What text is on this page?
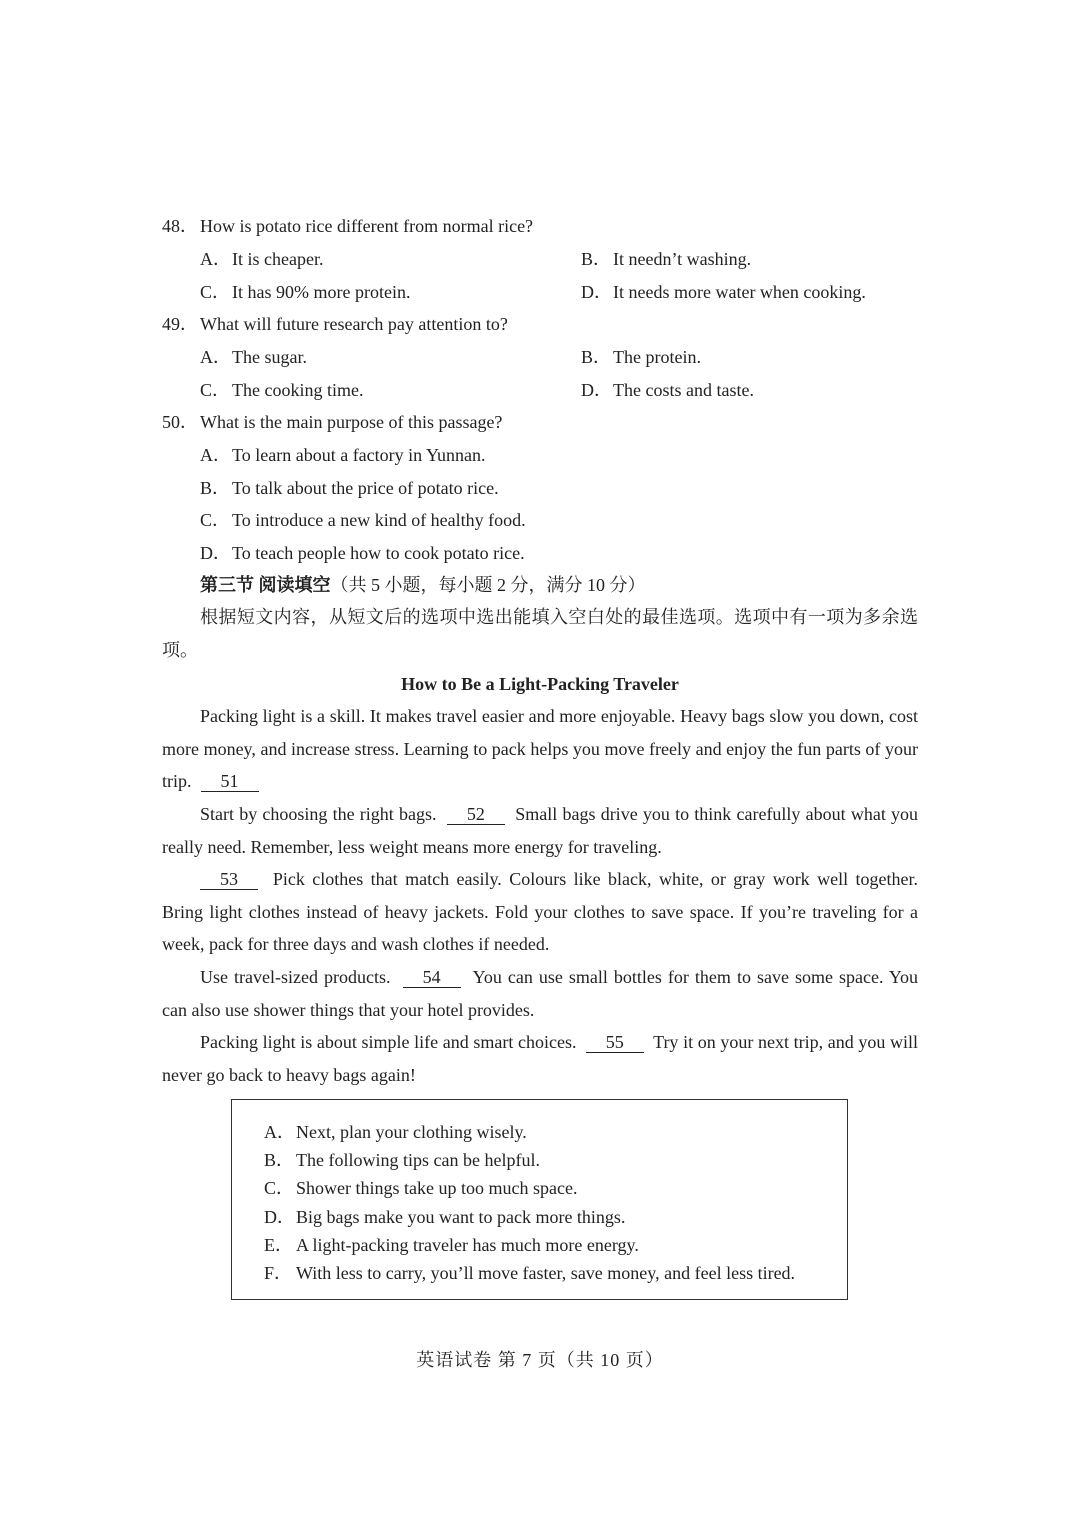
48． How is potato rice different from normal rice?
A．It is cheaper.	B． It needn’t washing.
C． It has 90% more protein.	D．It needs more water when cooking.
49． What will future research pay attention to?
A．The sugar.	B． The protein.
C． The cooking time.	D．The costs and taste.
50． What is the main purpose of this passage?
A．To learn about a factory in Yunnan.
B． To talk about the price of potato rice.
C． To introduce a new kind of healthy food.
D．To teach people how to cook potato rice.
第三节 阅读填空（共 5 小题，每小题 2 分，满分 10 分）
根据短文内容，从短文后的选项中选出能填入空白处的最佳选项。选项中有一项为多余选项。
How to Be a Light-Packing Traveler
Packing light is a skill. It makes travel easier and more enjoyable. Heavy bags slow you down, cost more money, and increase stress. Learning to pack helps you move freely and enjoy the fun parts of your trip. 51
Start by choosing the right bags. 52 Small bags drive you to think carefully about what you really need. Remember, less weight means more energy for traveling.
53 Pick clothes that match easily. Colours like black, white, or gray work well together. Bring light clothes instead of heavy jackets. Fold your clothes to save space. If you’re traveling for a week, pack for three days and wash clothes if needed.
Use travel-sized products. 54 You can use small bottles for them to save some space. You can also use shower things that your hotel provides.
Packing light is about simple life and smart choices. 55 Try it on your next trip, and you will never go back to heavy bags again!
A．Next, plan your clothing wisely.
B． The following tips can be helpful.
C． Shower things take up too much space.
D．Big bags make you want to pack more things.
E． A light-packing traveler has much more energy.
F． With less to carry, you’ll move faster, save money, and feel less tired.
英语试卷 第 7 页（共 10 页）
